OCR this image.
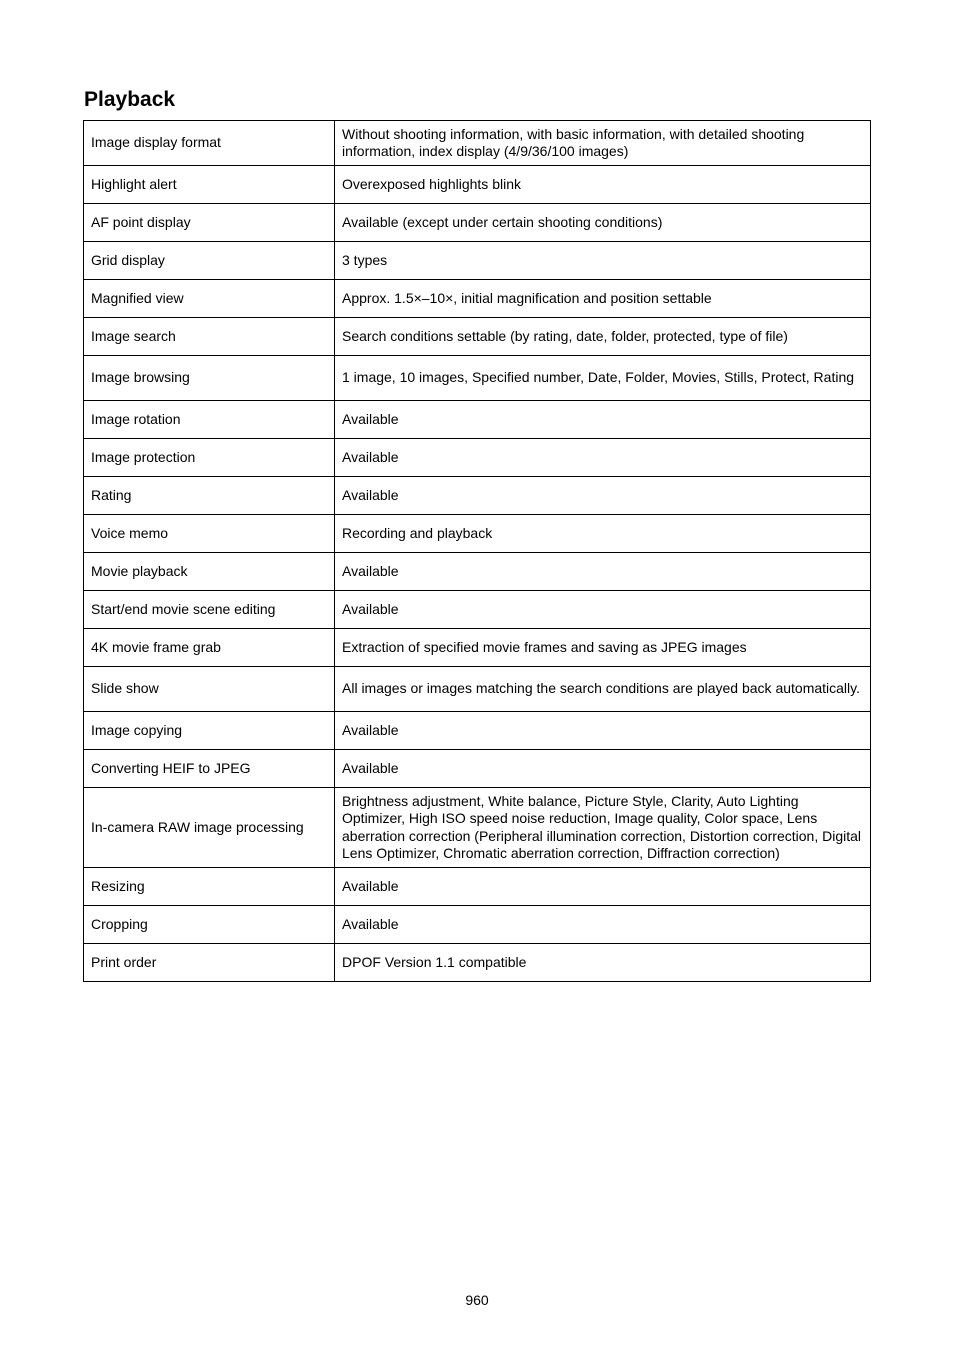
Playback
Image display format	Without shooting information, with basic information, with detailed shooting information, index display (4/9/36/100 images)
Highlight alert	Overexposed highlights blink
AF point display	Available (except under certain shooting conditions)
Grid display	3 types
Magnified view	Approx. 1.5×–10×, initial magnification and position settable
Image search	Search conditions settable (by rating, date, folder, protected, type of file)
Image browsing	1 image, 10 images, Specified number, Date, Folder, Movies, Stills, Protect, Rating
Image rotation	Available
Image protection	Available
Rating	Available
Voice memo	Recording and playback
Movie playback	Available
Start/end movie scene editing	Available
4K movie frame grab	Extraction of specified movie frames and saving as JPEG images
Slide show	All images or images matching the search conditions are played back automatically.
Image copying	Available
Converting HEIF to JPEG	Available
In-camera RAW image processing	Brightness adjustment, White balance, Picture Style, Clarity, Auto Lighting Optimizer, High ISO speed noise reduction, Image quality, Color space, Lens aberration correction (Peripheral illumination correction, Distortion correction, Digital Lens Optimizer, Chromatic aberration correction, Diffraction correction)
Resizing	Available
Cropping	Available
Print order	DPOF Version 1.1 compatible
960
